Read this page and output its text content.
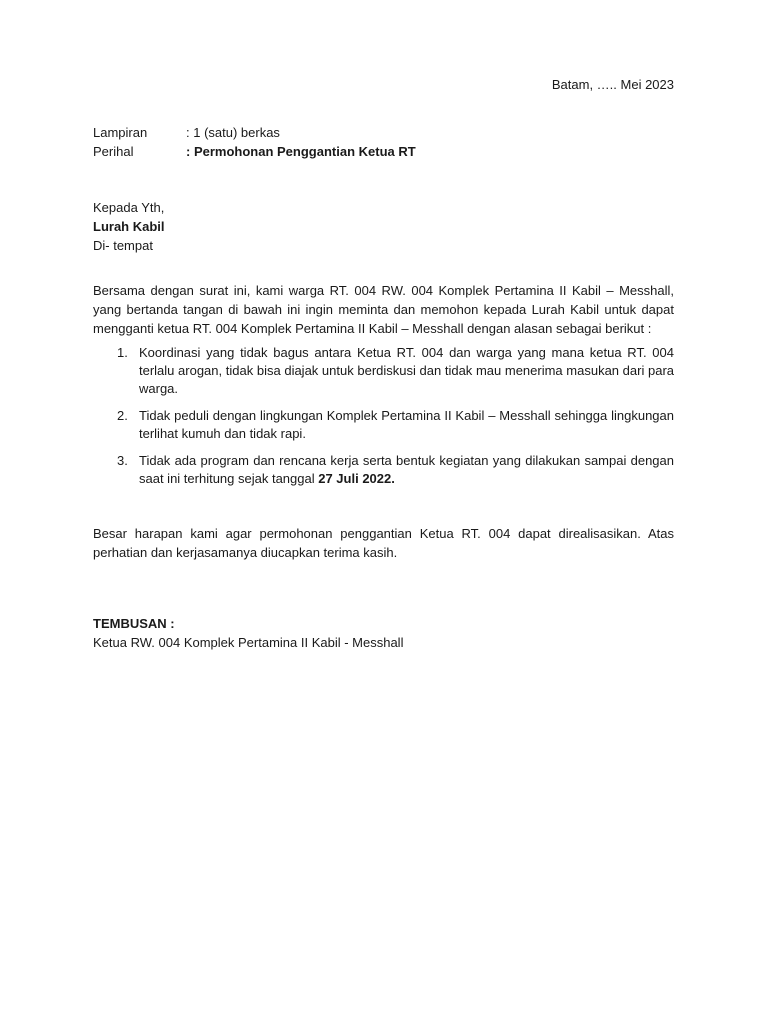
Batam, ….. Mei 2023
Lampiran	: 1 (satu) berkas
Perihal	: Permohonan Penggantian Ketua RT
Kepada Yth,
Lurah Kabil
Di- tempat
Bersama dengan surat ini, kami warga RT. 004 RW. 004 Komplek Pertamina II Kabil – Messhall, yang bertanda tangan di bawah ini ingin meminta dan memohon kepada Lurah Kabil untuk dapat mengganti ketua RT. 004 Komplek Pertamina II Kabil – Messhall dengan alasan sebagai berikut :
1. Koordinasi yang tidak bagus antara Ketua RT. 004 dan warga yang mana ketua RT. 004 terlalu arogan, tidak bisa diajak untuk berdiskusi dan tidak mau menerima masukan dari para warga.
2. Tidak peduli dengan lingkungan Komplek Pertamina II Kabil – Messhall sehingga lingkungan terlihat kumuh dan tidak rapi.
3. Tidak ada program dan rencana kerja serta bentuk kegiatan yang dilakukan sampai dengan saat ini terhitung sejak tanggal 27 Juli 2022.
Besar harapan kami agar permohonan penggantian Ketua RT. 004 dapat direalisasikan. Atas perhatian dan kerjasamanya diucapkan terima kasih.
TEMBUSAN :
Ketua RW. 004 Komplek Pertamina II Kabil - Messhall
